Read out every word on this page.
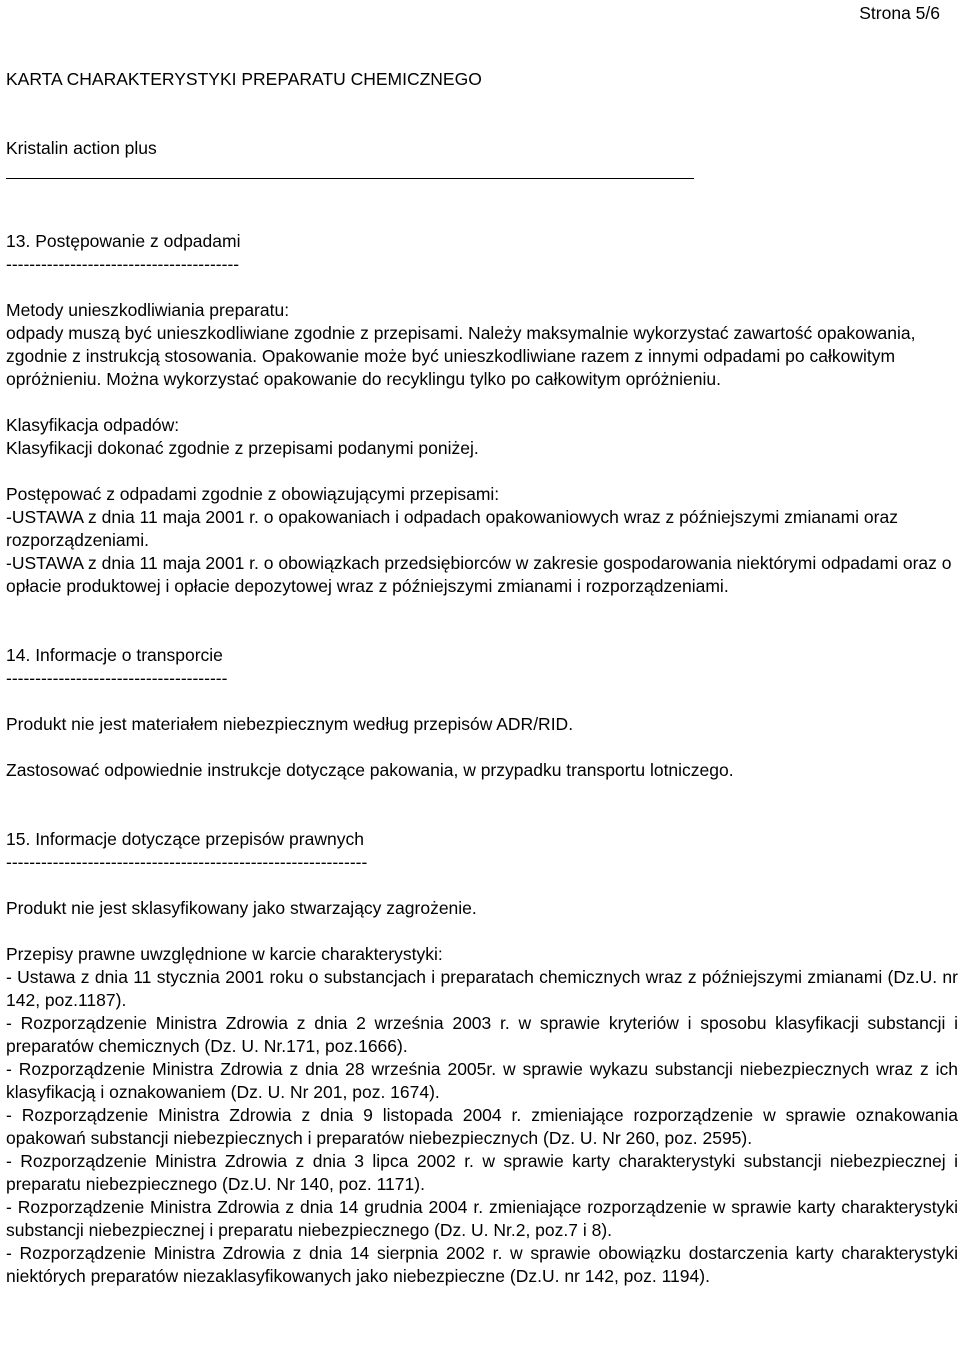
Strona 5/6
KARTA CHARAKTERYSTYKI PREPARATU CHEMICZNEGO
Kristalin action plus

13. Postępowanie z odpadami

----------------------------------------

Metody unieszkodliwiania preparatu:

odpady muszą być unieszkodliwiane zgodnie z przepisami. Należy maksymalnie wykorzystać zawartość opakowania, zgodnie z instrukcją stosowania. Opakowanie może być unieszkodliwiane razem z innymi odpadami po całkowitym opróżnieniu. Można wykorzystać opakowanie do recyklingu tylko po całkowitym opróżnieniu.

Klasyfikacja odpadów:

Klasyfikacji dokonać zgodnie z przepisami podanymi poniżej.

Postępować z odpadami zgodnie z obowiązującymi przepisami:

-USTAWA z dnia 11 maja 2001 r. o opakowaniach i odpadach opakowaniowych wraz z późniejszymi zmianami oraz rozporządzeniami.

-USTAWA z dnia 11 maja 2001 r. o obowiązkach przedsiębiorców w zakresie gospodarowania niektórymi odpadami oraz o opłacie produktowej i opłacie depozytowej wraz z późniejszymi zmianami i rozporządzeniami.

14. Informacje o transporcie

--------------------------------------

Produkt nie jest materiałem niebezpiecznym według przepisów ADR/RID.

Zastosować odpowiednie instrukcje dotyczące pakowania, w przypadku transportu lotniczego.

15. Informacje dotyczące przepisów prawnych

--------------------------------------------------------------

Produkt nie jest sklasyfikowany jako stwarzający zagrożenie.

Przepisy prawne uwzględnione w karcie charakterystyki:

- Ustawa z dnia 11 stycznia 2001 roku o substancjach i preparatach chemicznych wraz z późniejszymi zmianami (Dz.U. nr 142, poz.1187).

- Rozporządzenie Ministra Zdrowia z dnia 2 września 2003 r. w sprawie kryteriów i sposobu klasyfikacji substancji i preparatów chemicznych (Dz. U. Nr.171, poz.1666).

- Rozporządzenie Ministra Zdrowia z dnia 28 września 2005r. w sprawie wykazu substancji niebezpiecznych wraz z ich klasyfikacją i oznakowaniem (Dz. U. Nr 201, poz. 1674).

- Rozporządzenie Ministra Zdrowia z dnia 9 listopada 2004 r. zmieniające rozporządzenie w sprawie oznakowania opakowań substancji niebezpiecznych i preparatów niebezpiecznych (Dz. U. Nr 260, poz. 2595).

- Rozporządzenie Ministra Zdrowia z dnia 3 lipca 2002 r. w sprawie karty charakterystyki substancji niebezpiecznej i preparatu niebezpiecznego (Dz.U. Nr 140, poz. 1171).

- Rozporządzenie Ministra Zdrowia z dnia 14 grudnia 2004 r. zmieniające rozporządzenie w sprawie karty charakterystyki substancji niebezpiecznej i preparatu niebezpiecznego (Dz. U. Nr.2, poz.7 i 8).

- Rozporządzenie Ministra Zdrowia z dnia 14 sierpnia 2002 r. w sprawie obowiązku dostarczenia karty charakterystyki niektórych preparatów niezaklasyfikowanych jako niebezpieczne (Dz.U. nr 142, poz. 1194).
